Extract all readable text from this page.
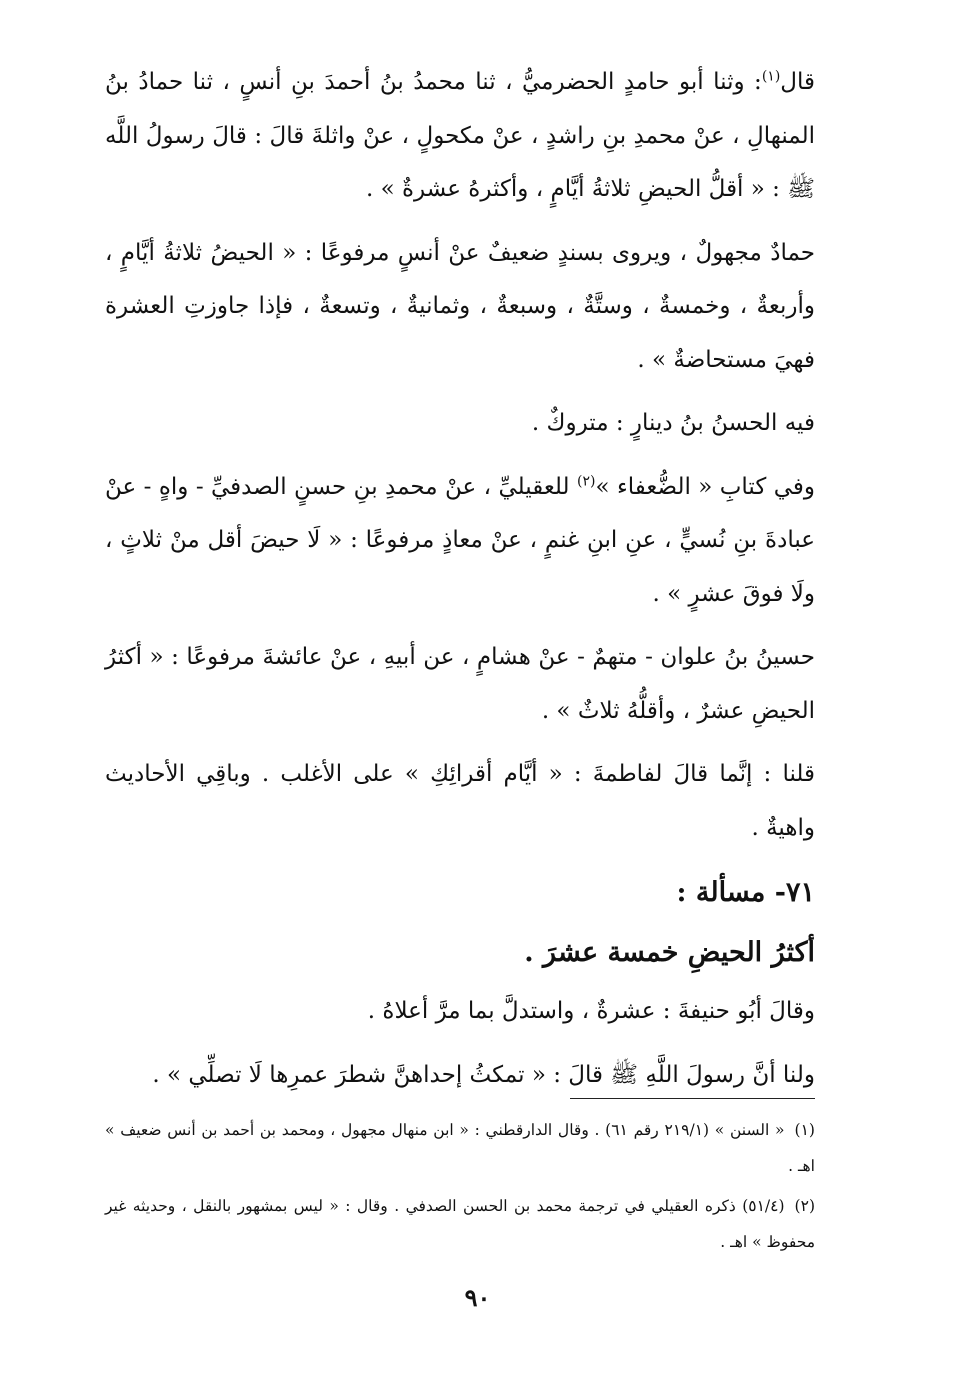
قال$^{(١)}$: وثنا أبو حامدٍ الحضرميُّ ، ثنا محمدُ بنُ أحمدَ بنِ أنسٍ ، ثنا حمادُ بنُ المنهالِ ، عنْ محمدِ بنِ راشدٍ ، عنْ مكحولٍ ، عنْ واثلةَ قالَ : قالَ رسولُ اللَّه ﷺ : « أقلُّ الحيضِ ثلاثةُ أيَّامٍ ، وأكثرهُ عشرةٌ » .

حمادٌ مجهولٌ ، ويروى بسندٍ ضعيفٌ عنْ أنسٍ مرفوعًا : « الحيضُ ثلاثةُ أيَّامٍ ، وأربعةٌ ، وخمسةٌ ، وستَّةٌ ، وسبعةٌ ، وثمانيةٌ ، وتسعةٌ ، فإذا جاوزتِ العشرة فهيَ مستحاضةٌ » .

فيه الحسنُ بنُ دينارٍ : متروكٌ .

وفي كتابِ « الضُّعفاء »$^{(٢)}$ للعقيليِّ ، عنْ محمدِ بنِ حسنٍ الصدفيِّ - واهٍ - عنْ عبادةَ بنِ نُسيٍّ ، عنِ ابنِ غنمٍ ، عنْ معاذٍ مرفوعًا : « لَا حيضَ أقل منْ ثلاثٍ ، ولَا فوقَ عشرٍ » .

حسينُ بنُ علوان - متهمٌ - عنْ هشامٍ ، عن أبيهِ ، عنْ عائشةَ مرفوعًا : « أكثرُ الحيضِ عشرٌ ، وأقلُّهُ ثلاثٌ » .

قلنا : إنَّما قالَ لفاطمةَ : « أيَّام أقرائِكِ » على الأغلب . وباقِي الأحاديث واهيةٌ .

٧١- مسألة :
أكثرُ الحيضِ خمسة عشرَ .

وقالَ أبُو حنيفةَ : عشرةٌ ، واستدلَّ بما مرَّ أعلاهُ .

ولنا أنَّ رسولَ اللَّهِ ﷺ قالَ : « تمكثُ إحداهنَّ شطرَ عمرِها لَا تصلِّي » .

(١)« السنن » (٢١٩/١ رقم ٦١) . وقال الدارقطني : « ابن منهال مجهول ، ومحمد بن أحمد بن أنس ضعيف » اهـ .

(٢)(٥١/٤) ذكره العقيلي في ترجمة محمد بن الحسن الصدفي . وقال : « ليس بمشهور بالنقل ، وحديثه غير محفوظ » اهـ .

٩٠
